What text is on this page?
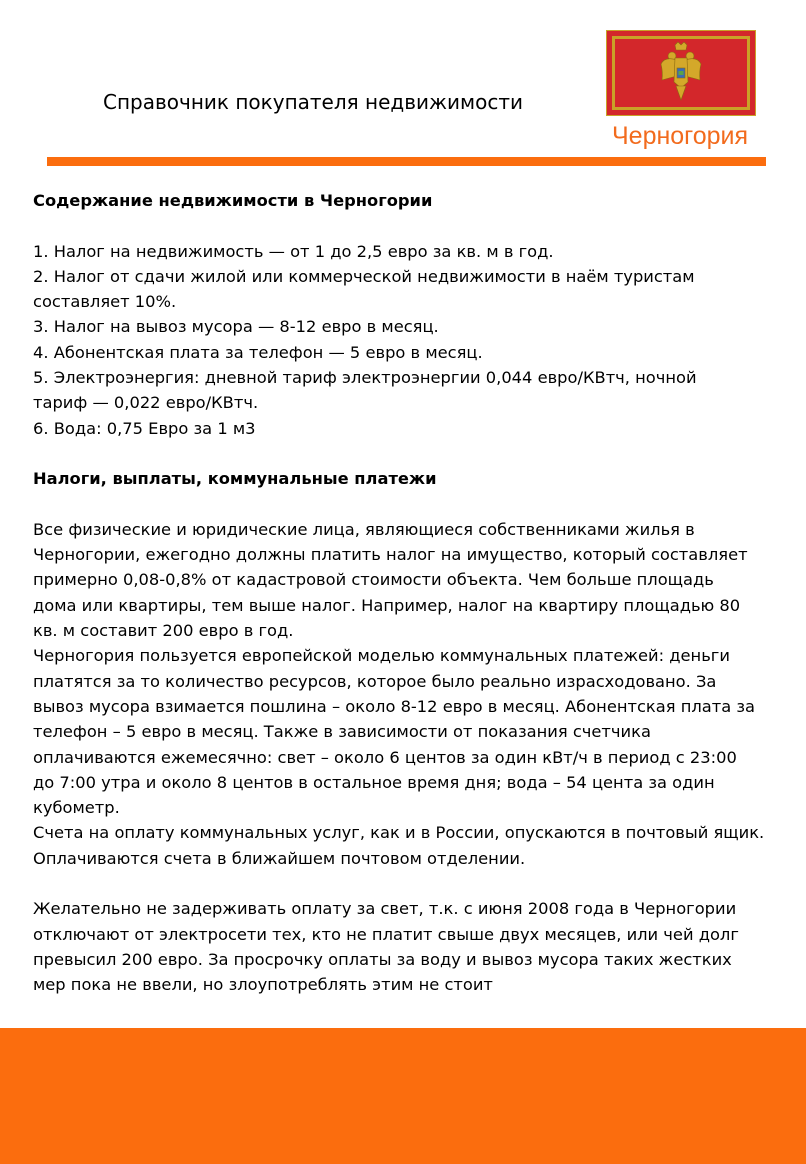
Справочник покупателя недвижимости
Черногория

Содержание недвижимости в Черногории

1. Налог на недвижимость — от 1 до 2,5 евро за кв. м в год.

2. Налог от сдачи жилой или коммерческой недвижимости в наём туристам

составляет 10%.

3. Налог на вывоз мусора — 8-12 евро в месяц.

4. Абонентская плата за телефон — 5 евро в месяц.

5. Электроэнергия: дневной тариф электроэнергии 0,044 евро/КВтч, ночной

тариф — 0,022 евро/КВтч.

6. Вода: 0,75 Евро за 1 м3

Налоги, выплаты, коммунальные платежи

Все физические и юридические лица, являющиеся собственниками жилья в

Черногории, ежегодно должны платить налог на имущество, который составляет

примерно 0,08-0,8% от кадастровой стоимости объекта. Чем больше площадь

дома или квартиры, тем выше налог. Например, налог на квартиру площадью 80

кв. м составит 200 евро в год.

Черногория пользуется европейской моделью коммунальных платежей: деньги

платятся за то количество ресурсов, которое было реально израсходовано. За

вывоз мусора взимается пошлина – около 8-12 евро в месяц. Абонентская плата за

телефон – 5 евро в месяц. Также в зависимости от показания счетчика

оплачиваются ежемесячно: свет – около 6 центов за один кВт/ч в период с 23:00

до 7:00 утра и около 8 центов в остальное время дня; вода – 54 цента за один

кубометр.

Счета на оплату коммунальных услуг, как и в России, опускаются в почтовый ящик.

Оплачиваются счета в ближайшем почтовом отделении.

Желательно не задерживать оплату за свет, т.к. с июня 2008 года в Черногории

отключают от электросети тех, кто не платит свыше двух месяцев, или чей долг

превысил 200 евро. За просрочку оплаты за воду и вывоз мусора таких жестких

мер пока не ввели, но злоупотреблять этим не стоит
